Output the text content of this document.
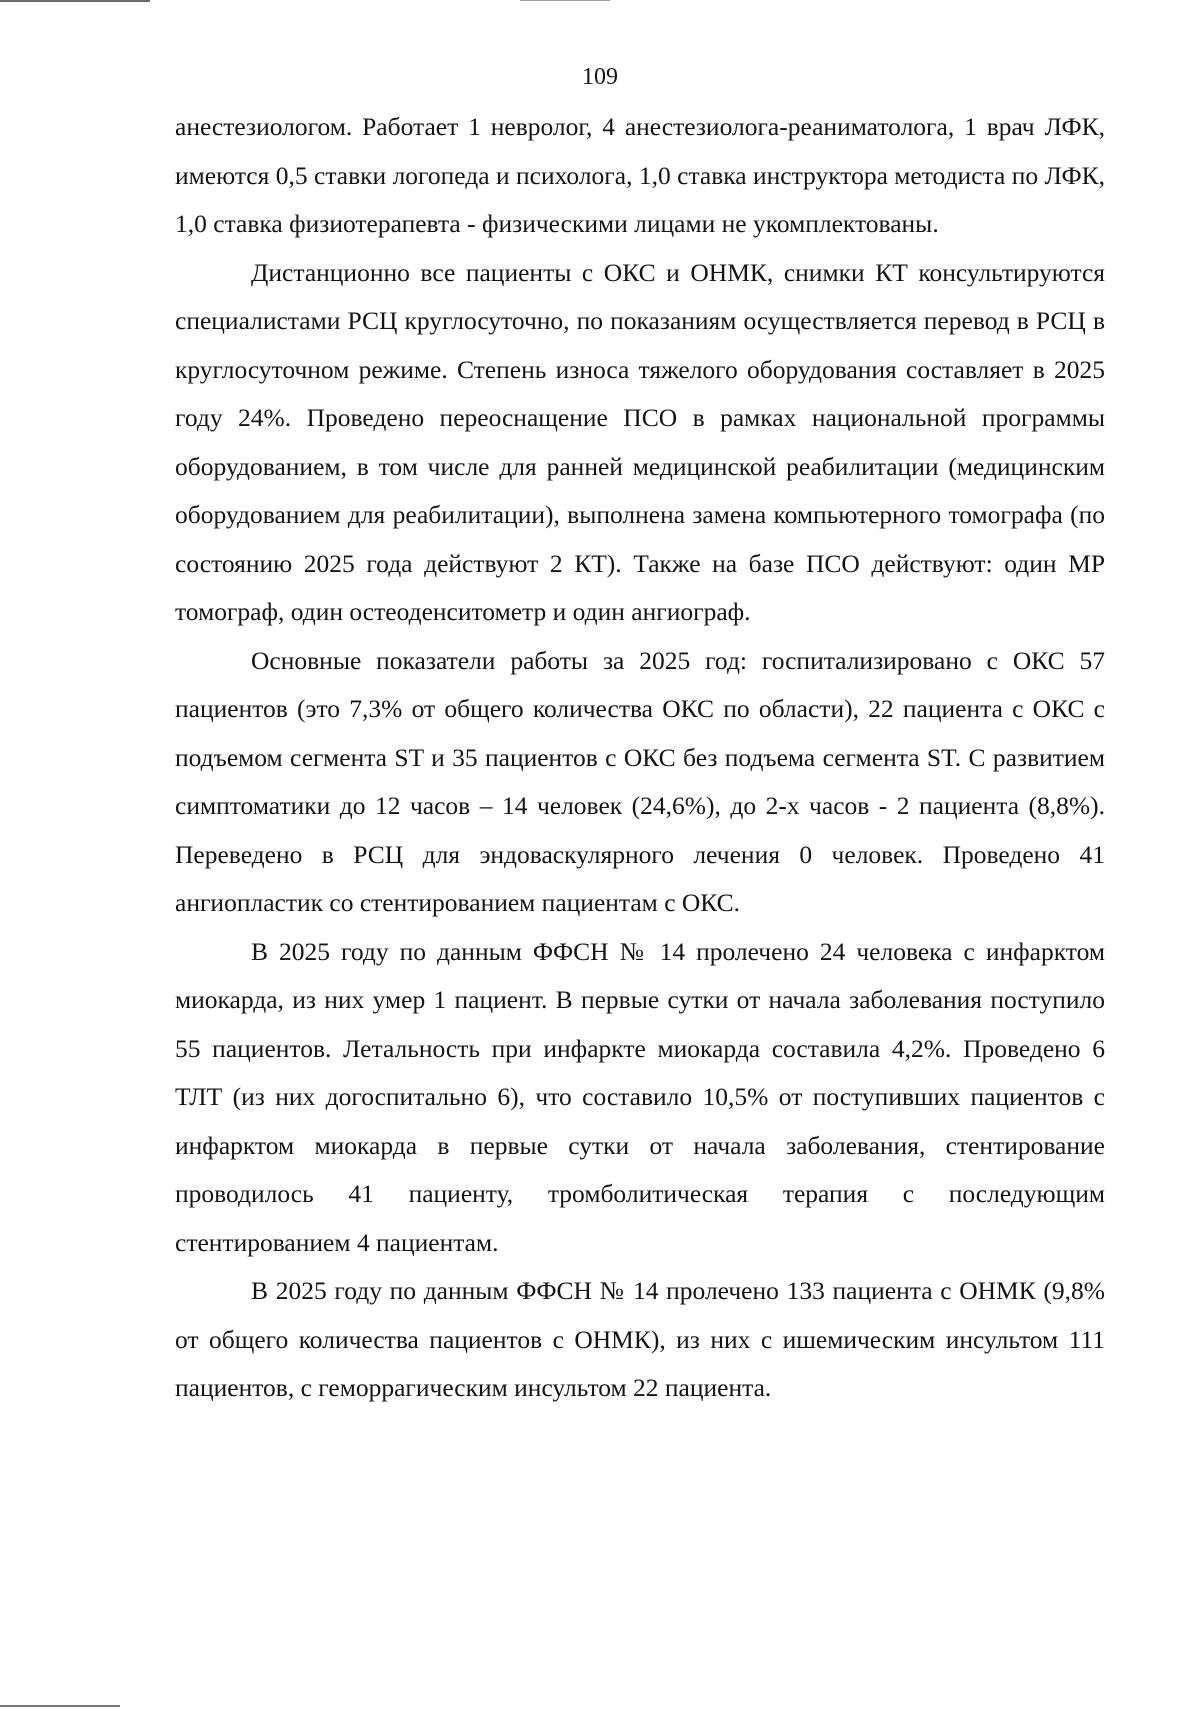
109

анестезиологом. Работает 1 невролог, 4 анестезиолога-реаниматолога, 1 врач ЛФК, имеются 0,5 ставки логопеда и психолога, 1,0 ставка инструктора методиста по ЛФК, 1,0 ставка физиотерапевта - физическими лицами не укомплектованы.

Дистанционно все пациенты с ОКС и ОНМК, снимки КТ консультируются специалистами РСЦ круглосуточно, по показаниям осуществляется перевод в РСЦ в круглосуточном режиме. Степень износа тяжелого оборудования составляет в 2025 году 24%. Проведено переоснащение ПСО в рамках национальной программы оборудованием, в том числе для ранней медицинской реабилитации (медицинским оборудованием для реабилитации), выполнена замена компьютерного томографа (по состоянию 2025 года действуют 2 КТ). Также на базе ПСО действуют: один МР томограф, один остеоденситометр и один ангиограф.

Основные показатели работы за 2025 год: госпитализировано с ОКС 57 пациентов (это 7,3% от общего количества ОКС по области), 22 пациента с ОКС с подъемом сегмента ST и 35 пациентов с ОКС без подъема сегмента ST. С развитием симптоматики до 12 часов – 14 человек (24,6%), до 2-х часов - 2 пациента (8,8%). Переведено в РСЦ для эндоваскулярного лечения 0 человек. Проведено 41 ангиопластик со стентированием пациентам с ОКС.

В 2025 году по данным ФФСН № 14 пролечено 24 человека с инфарктом миокарда, из них умер 1 пациент. В первые сутки от начала заболевания поступило 55 пациентов. Летальность при инфаркте миокарда составила 4,2%. Проведено 6 ТЛТ (из них догоспитально 6), что составило 10,5% от поступивших пациентов с инфарктом миокарда в первые сутки от начала заболевания, стентирование проводилось 41 пациенту, тромболитическая терапия с последующим стентированием 4 пациентам.

В 2025 году по данным ФФСН № 14 пролечено 133 пациента с ОНМК (9,8% от общего количества пациентов с ОНМК), из них с ишемическим инсультом 111 пациентов, с геморрагическим инсультом 22 пациента.
